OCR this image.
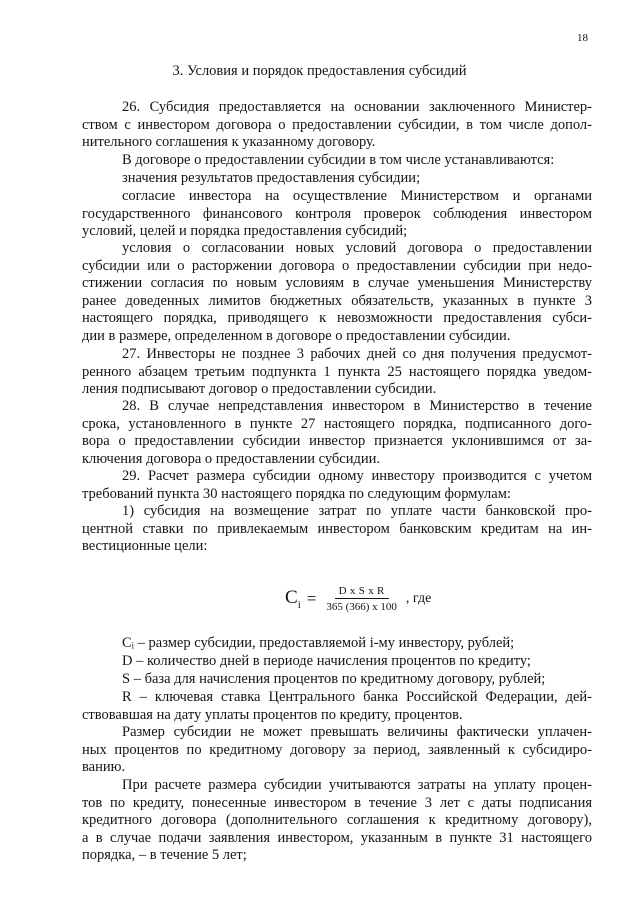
18
3. Условия и порядок предоставления субсидий
26. Субсидия предоставляется на основании заключенного Министер-
ством с инвестором договора о предоставлении субсидии, в том числе допол-
нительного соглашения к указанному договору.
В договоре о предоставлении субсидии в том числе устанавливаются:
значения результатов предоставления субсидии;
согласие инвестора на осуществление Министерством и органами
государственного финансового контроля проверок соблюдения инвестором
условий, целей и порядка предоставления субсидий;
условия о согласовании новых условий договора о предоставлении
субсидии или о расторжении договора о предоставлении субсидии при недо-
стижении согласия по новым условиям в случае уменьшения Министерству
ранее доведенных лимитов бюджетных обязательств, указанных в пункте 3
настоящего порядка, приводящего к невозможности предоставления субси-
дии в размере, определенном в договоре о предоставлении субсидии.
27. Инвесторы не позднее 3 рабочих дней со дня получения предусмот-
ренного абзацем третьим подпункта 1 пункта 25 настоящего порядка уведом-
ления подписывают договор о предоставлении субсидии.
28. В случае непредставления инвестором в Министерство в течение
срока, установленного в пункте 27 настоящего порядка, подписанного дого-
вора о предоставлении субсидии инвестор признается уклонившимся от за-
ключения договора о предоставлении субсидии.
29. Расчет размера субсидии одному инвестору производится с учетом
требований пункта 30 настоящего порядка по следующим формулам:
1) субсидия на возмещение затрат по уплате части банковской про-
центной ставки по привлекаемым инвестором банковским кредитам на ин-
вестиционные цели:
Cᵢ – размер субсидии, предоставляемой i-му инвестору, рублей;
D – количество дней в периоде начисления процентов по кредиту;
S – база для начисления процентов по кредитному договору, рублей;
R – ключевая ставка Центрального банка Российской Федерации, дей-
ствовавшая на дату уплаты процентов по кредиту, процентов.
Размер субсидии не может превышать величины фактически уплачен-
ных процентов по кредитному договору за период, заявленный к субсидиро-
ванию.
При расчете размера субсидии учитываются затраты на уплату процен-
тов по кредиту, понесенные инвестором в течение 3 лет с даты подписания
кредитного договора (дополнительного соглашения к кредитному договору),
а в случае подачи заявления инвестором, указанным в пункте 31 настоящего
порядка, – в течение 5 лет;
$C_i = \frac{\text{D x S x R}}{365 (366) x 100}$ , где
